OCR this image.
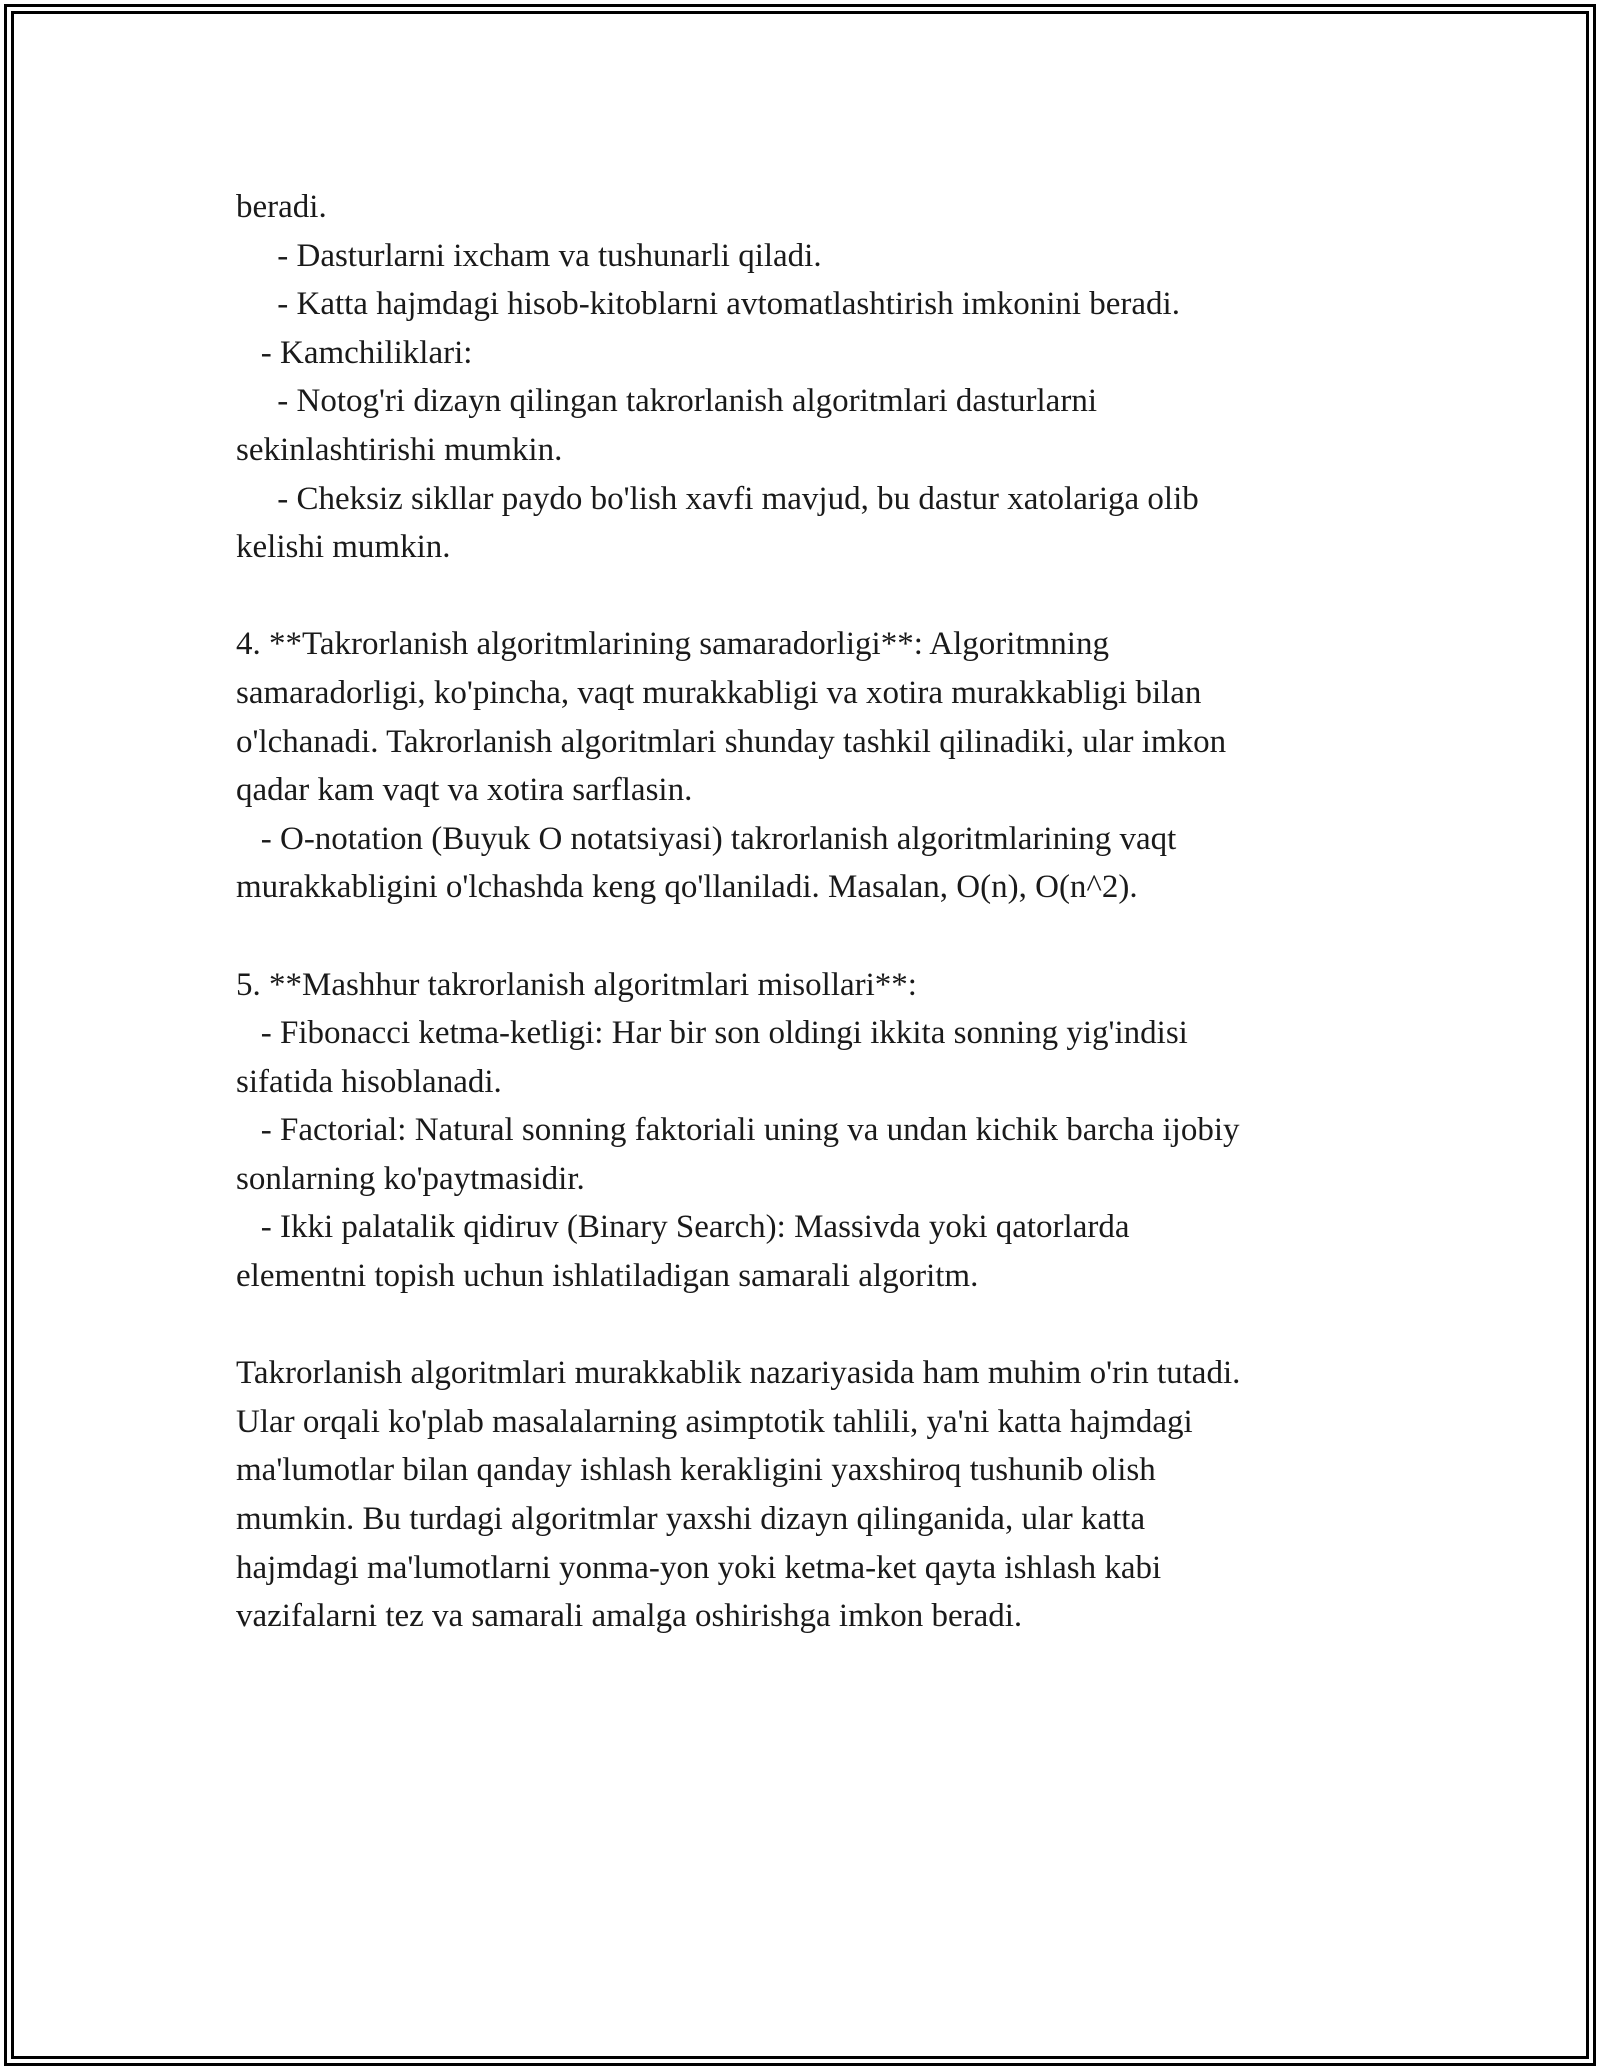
beradi.
- Dasturlarni ixcham va tushunarli qiladi.
- Katta hajmdagi hisob-kitoblarni avtomatlashtirish imkonini beradi.
- Kamchiliklari:
- Notog'ri dizayn qilingan takrorlanish algoritmlari dasturlarni
sekinlashtirishi mumkin.
- Cheksiz sikllar paydo bo'lish xavfi mavjud, bu dastur xatolariga olib
kelishi mumkin.
4. **Takrorlanish algoritmlarining samaradorligi**: Algoritmning
samaradorligi, ko'pincha, vaqt murakkabligi va xotira murakkabligi bilan
o'lchanadi. Takrorlanish algoritmlari shunday tashkil qilinadiki, ular imkon
qadar kam vaqt va xotira sarflasin.
- O-notation (Buyuk O notatsiyasi) takrorlanish algoritmlarining vaqt
murakkabligini o'lchashda keng qo'llaniladi. Masalan, O(n), O(n^2).
5. **Mashhur takrorlanish algoritmlari misollari**:
- Fibonacci ketma-ketligi: Har bir son oldingi ikkita sonning yig'indisi
sifatida hisoblanadi.
- Factorial: Natural sonning faktoriali uning va undan kichik barcha ijobiy
sonlarning ko'paytmasidir.
- Ikki palatalik qidiruv (Binary Search): Massivda yoki qatorlarda
elementni topish uchun ishlatiladigan samarali algoritm.
Takrorlanish algoritmlari murakkablik nazariyasida ham muhim o'rin tutadi.
Ular orqali ko'plab masalalarning asimptotik tahlili, ya'ni katta hajmdagi
ma'lumotlar bilan qanday ishlash kerakligini yaxshiroq tushunib olish
mumkin. Bu turdagi algoritmlar yaxshi dizayn qilinganida, ular katta
hajmdagi ma'lumotlarni yonma-yon yoki ketma-ket qayta ishlash kabi
vazifalarni tez va samarali amalga oshirishga imkon beradi.
